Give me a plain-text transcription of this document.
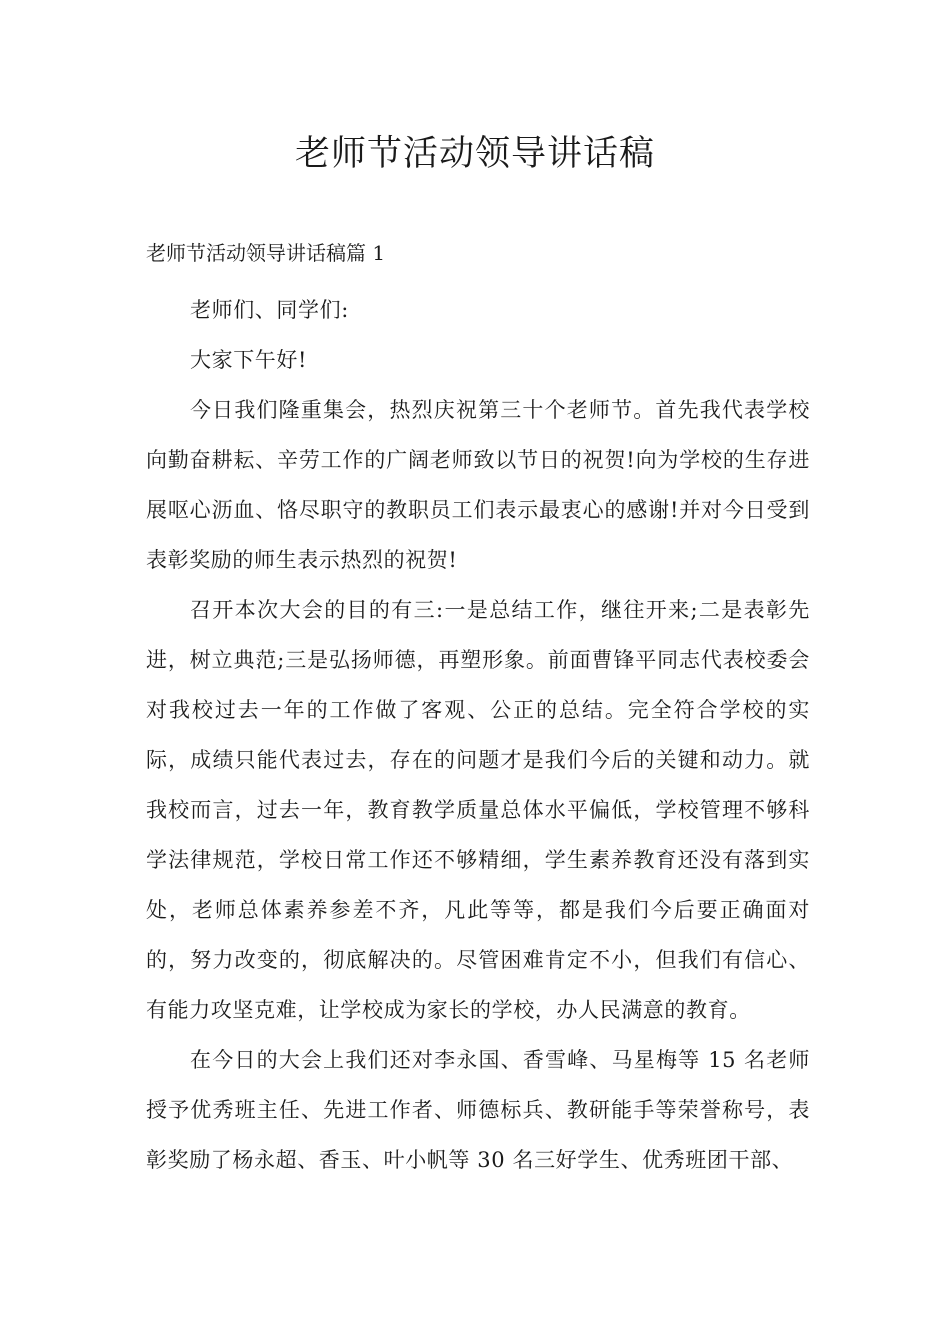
老师节活动领导讲话稿

老师节活动领导讲话稿篇 1

老师们、同学们:

大家下午好!

今日我们隆重集会，热烈庆祝第三十个老师节。首先我代表学校向勤奋耕耘、辛劳工作的广阔老师致以节日的祝贺!向为学校的生存进展呕心沥血、恪尽职守的教职员工们表示最衷心的感谢!并对今日受到表彰奖励的师生表示热烈的祝贺!

召开本次大会的目的有三:一是总结工作，继往开来;二是表彰先进，树立典范;三是弘扬师德，再塑形象。前面曹锋平同志代表校委会对我校过去一年的工作做了客观、公正的总结。完全符合学校的实际，成绩只能代表过去，存在的问题才是我们今后的关键和动力。就我校而言，过去一年，教育教学质量总体水平偏低，学校管理不够科学法律规范，学校日常工作还不够精细，学生素养教育还没有落到实处，老师总体素养参差不齐，凡此等等，都是我们今后要正确面对的，努力改变的，彻底解决的。尽管困难肯定不小，但我们有信心、有能力攻坚克难，让学校成为家长的学校，办人民满意的教育。

在今日的大会上我们还对李永国、香雪峰、马星梅等 15 名老师授予优秀班主任、先进工作者、师德标兵、教研能手等荣誉称号，表彰奖励了杨永超、香玉、叶小帆等 30 名三好学生、优秀班团干部、
